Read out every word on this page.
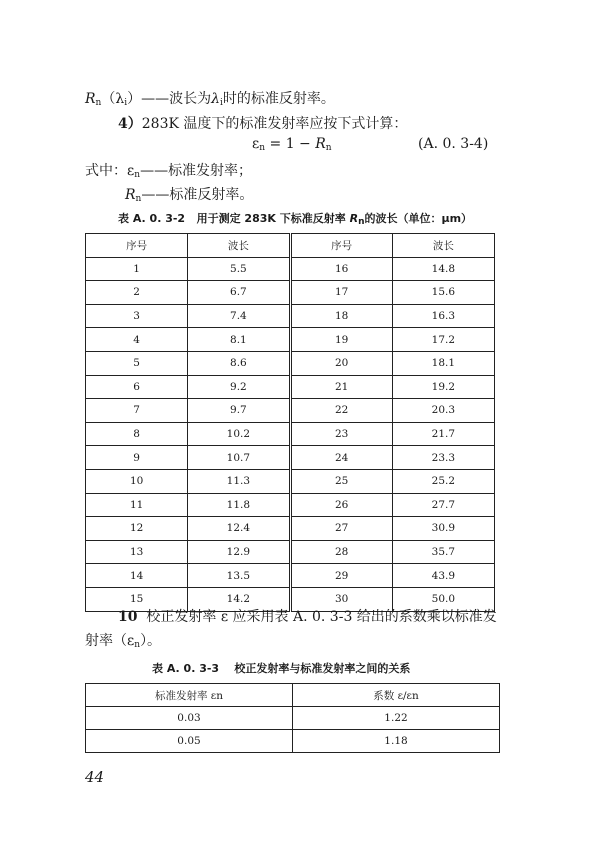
$R_n(\lambda_i)——$波长为$\lambda_i$时的标准反射率。
4）283K 温度下的标准发射率应按下式计算：
$\varepsilon_n = 1 - R_n$	(A. 0. 3-4)
式中：$\varepsilon_n——$标准发射率；
$R_n——$标准反射率。
表 A. 0. 3-2 用于测定 283K 下标准反射率 $R_n$的波长（单位：μm）
序号	波长	序号	波长
1	5.5	16	14.8
2	6.7	17	15.6
3	7.4	18	16.3
4	8.1	19	17.2
5	8.6	20	18.1
6	9.2	21	19.2
7	9.7	22	20.3
8	10.2	23	21.7
9	10.7	24	23.3
10	11.3	25	25.2
11	11.8	26	27.7
12	12.4	27	30.9
13	12.9	28	35.7
14	13.5	29	43.9
15	14.2	30	50.0
10 校正发射率 ε 应采用表 A. 0. 3-3 给出的系数乘以标准发
射率$(\varepsilon_n)$。
表 A. 0. 3-3 校正发射率与标准发射率之间的关系
标准发射率 εn	系数 ε/εn
0.03	1.22
0.05	1.18
44
